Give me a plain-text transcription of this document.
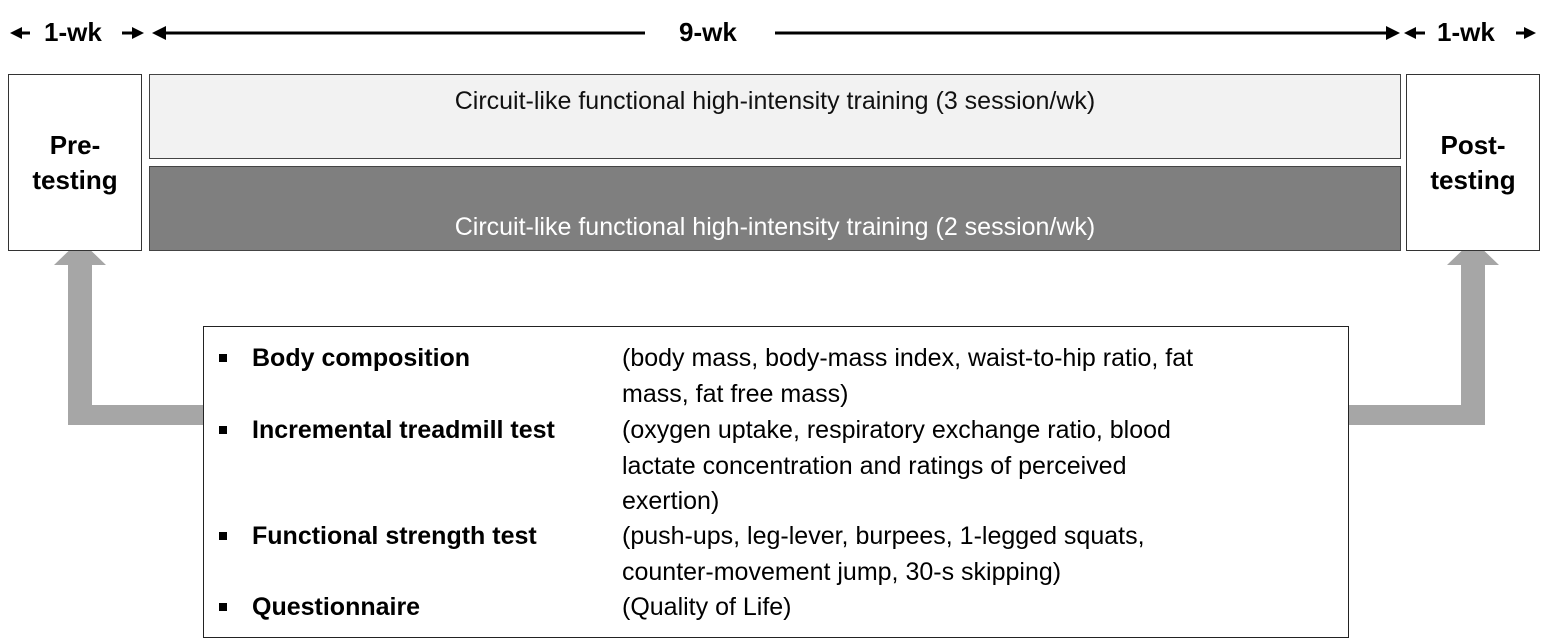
1-wk	9-wk	1-wk
Pre-
testing
Post-
testing
Circuit-like functional high-intensity training (3 session/wk)

Circuit-like functional high-intensity training (2 session/wk)
combined with high-volume low-intensity exercise (1 session/wk)

Body composition	(body mass, body-mass index, waist-to-hip ratio, fat
mass, fat free mass)
Incremental treadmill test	(oxygen uptake, respiratory exchange ratio, blood
lactate concentration and ratings of perceived
exertion)
Functional strength test	(push-ups, leg-lever, burpees, 1-legged squats,
counter-movement jump, 30-s skipping)
Questionnaire	(Quality of Life)
